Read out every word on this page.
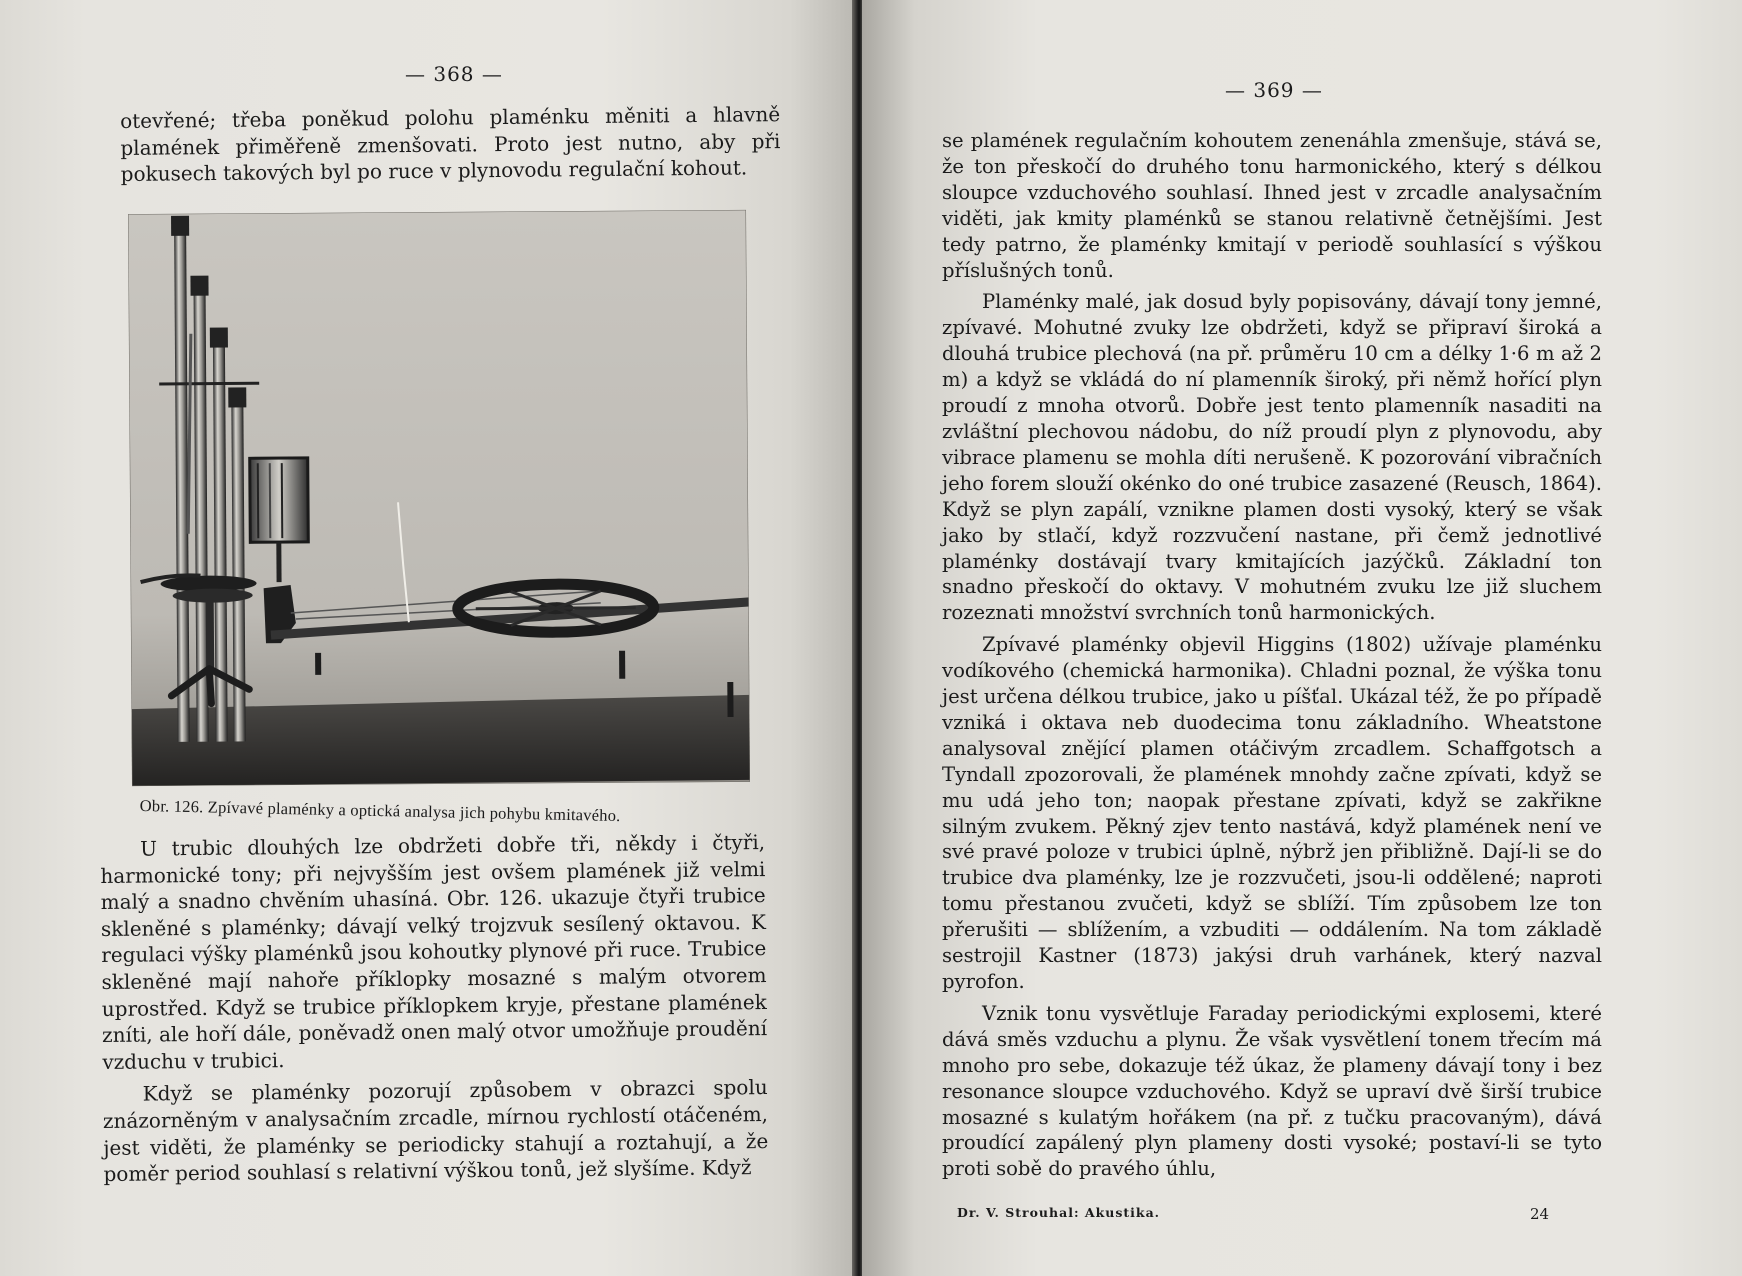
— 368 —

otevřené; třeba poněkud polohu plaménku měniti a hlavně plamének přiměřeně zmenšovati. Proto jest nutno, aby při pokusech takových byl po ruce v plynovodu regulační kohout.

Obr. 126. Zpívavé plaménky a optická analysa jich pohybu kmitavého.

U trubic dlouhých lze obdržeti dobře tři, někdy i čtyři, harmonické tony; při nejvyšším jest ovšem plamének již velmi malý a snadno chvěním uhasíná. Obr. 126. ukazuje čtyři trubice skleněné s plaménky; dávají velký trojzvuk sesílený oktavou. K regulaci výšky plaménků jsou kohoutky plynové při ruce. Trubice skleněné mají nahoře příklopky mosazné s malým otvorem uprostřed. Když se trubice příklopkem kryje, přestane plamének zníti, ale hoří dále, poněvadž onen malý otvor umožňuje proudění vzduchu v trubici.

Když se plaménky pozorují způsobem v obrazci spolu znázorněným v analysačním zrcadle, mírnou rychlostí otáčeném, jest viděti, že plaménky se periodicky stahují a roztahují, a že poměr period souhlasí s relativní výškou tonů, jež slyšíme. Když

— 369 —

se plamének regulačním kohoutem zenenáhla zmenšuje, stává se, že ton přeskočí do druhého tonu harmonického, který s délkou sloupce vzduchového souhlasí. Ihned jest v zrcadle analysačním viděti, jak kmity plaménků se stanou relativně četnějšími. Jest tedy patrno, že plaménky kmitají v periodě souhlasící s výškou příslušných tonů.

Plaménky malé, jak dosud byly popisovány, dávají tony jemné, zpívavé. Mohutné zvuky lze obdržeti, když se připraví široká a dlouhá trubice plechová (na př. průměru 10 cm a délky 1·6 m až 2 m) a když se vkládá do ní plamenník široký, při němž hořící plyn proudí z mnoha otvorů. Dobře jest tento plamenník nasaditi na zvláštní plechovou nádobu, do níž proudí plyn z plynovodu, aby vibrace plamenu se mohla díti nerušeně. K pozorování vibračních jeho forem slouží okénko do oné trubice zasazené (Reusch, 1864). Když se plyn zapálí, vznikne plamen dosti vysoký, který se však jako by stlačí, když rozzvučení nastane, při čemž jednotlivé plaménky dostávají tvary kmitajících jazýčků. Základní ton snadno přeskočí do oktavy. V mohutném zvuku lze již sluchem rozeznati množství svrchních tonů harmonických.

Zpívavé plaménky objevil Higgins (1802) užívaje plaménku vodíkového (chemická harmonika). Chladni poznal, že výška tonu jest určena délkou trubice, jako u píšťal. Ukázal též, že po případě vzniká i oktava neb duodecima tonu základního. Wheatstone analysoval znějící plamen otáčivým zrcadlem. Schaffgotsch a Tyndall zpozorovali, že plamének mnohdy začne zpívati, když se mu udá jeho ton; naopak přestane zpívati, když se zakřikne silným zvukem. Pěkný zjev tento nastává, když plamének není ve své pravé poloze v trubici úplně, nýbrž jen přibližně. Dají-li se do trubice dva plaménky, lze je rozzvučeti, jsou-li oddělené; naproti tomu přestanou zvučeti, když se sblíží. Tím způsobem lze ton přerušiti — sblížením, a vzbuditi — oddálením. Na tom základě sestrojil Kastner (1873) jakýsi druh varhánek, který nazval pyrofon.

Vznik tonu vysvětluje Faraday periodickými explosemi, které dává směs vzduchu a plynu. Že však vysvětlení tonem třecím má mnoho pro sebe, dokazuje též úkaz, že plameny dávají tony i bez resonance sloupce vzduchového. Když se upraví dvě širší trubice mosazné s kulatým hořákem (na př. z tučku pracovaným), dává proudící zapálený plyn plameny dosti vysoké; postaví-li se tyto proti sobě do pravého úhlu,

Dr. V. Strouhal: Akustika.	24
